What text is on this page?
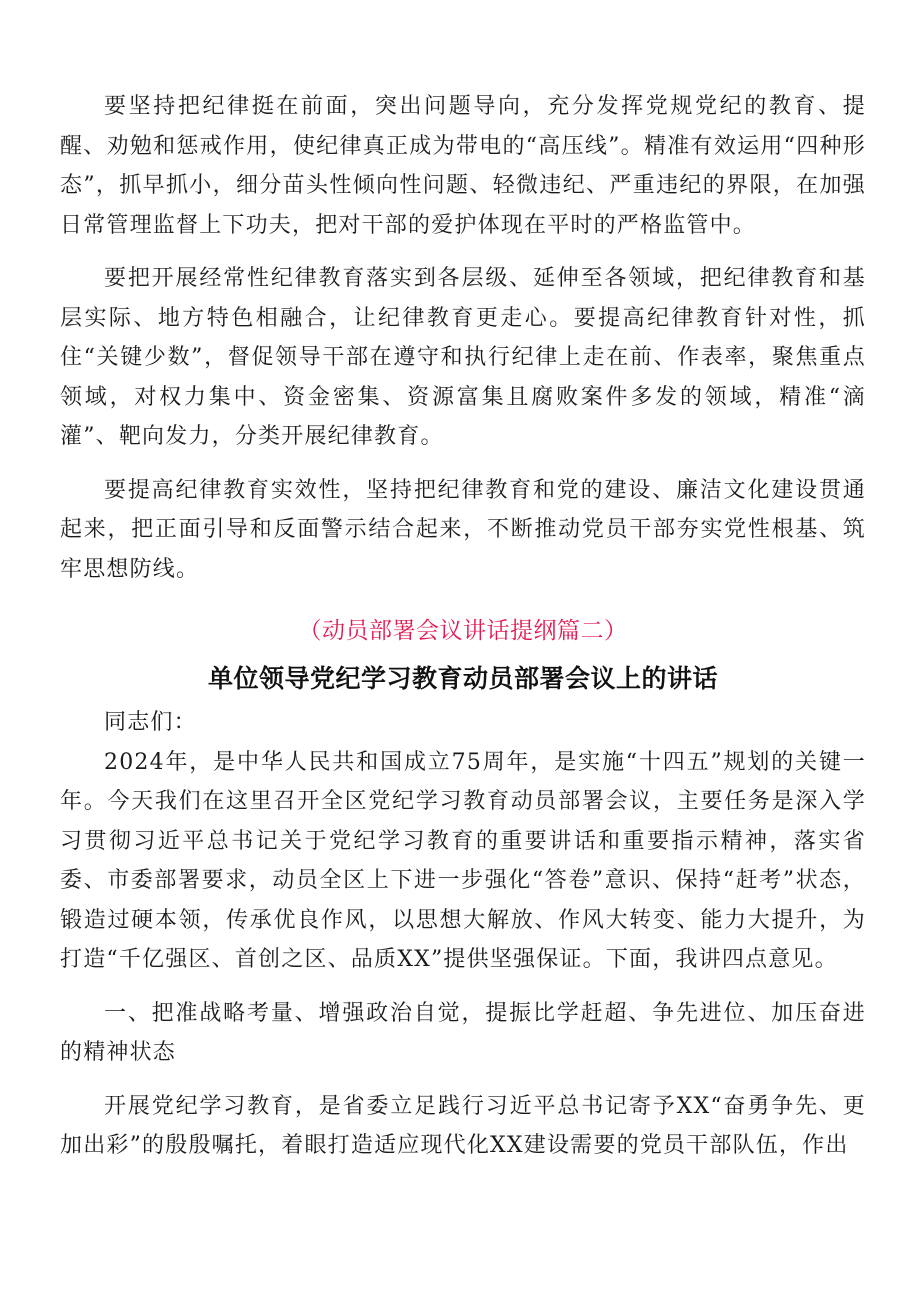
要坚持把纪律挺在前面，突出问题导向，充分发挥党规党纪的教育、提醒、劝勉和惩戒作用，使纪律真正成为带电的“高压线”。精准有效运用“四种形态”，抓早抓小，细分苗头性倾向性问题、轻微违纪、严重违纪的界限，在加强日常管理监督上下功夫，把对干部的爱护体现在平时的严格监管中。

要把开展经常性纪律教育落实到各层级、延伸至各领域，把纪律教育和基层实际、地方特色相融合，让纪律教育更走心。要提高纪律教育针对性，抓住“关键少数”，督促领导干部在遵守和执行纪律上走在前、作表率，聚焦重点领域，对权力集中、资金密集、资源富集且腐败案件多发的领域，精准“滴灌”、靶向发力，分类开展纪律教育。

要提高纪律教育实效性，坚持把纪律教育和党的建设、廉洁文化建设贯通起来，把正面引导和反面警示结合起来，不断推动党员干部夯实党性根基、筑牢思想防线。

（动员部署会议讲话提纲篇二）
单位领导党纪学习教育动员部署会议上的讲话

同志们：

2024年，是中华人民共和国成立75周年，是实施“十四五”规划的关键一年。今天我们在这里召开全区党纪学习教育动员部署会议，主要任务是深入学习贯彻习近平总书记关于党纪学习教育的重要讲话和重要指示精神，落实省委、市委部署要求，动员全区上下进一步强化“答卷”意识、保持“赶考”状态，锻造过硬本领，传承优良作风，以思想大解放、作风大转变、能力大提升，为打造“千亿强区、首创之区、品质XX”提供坚强保证。下面，我讲四点意见。

一、把准战略考量、增强政治自觉，提振比学赶超、争先进位、加压奋进的精神状态

开展党纪学习教育，是省委立足践行习近平总书记寄予XX“奋勇争先、更加出彩”的殷殷嘱托，着眼打造适应现代化XX建设需要的党员干部队伍，作出
